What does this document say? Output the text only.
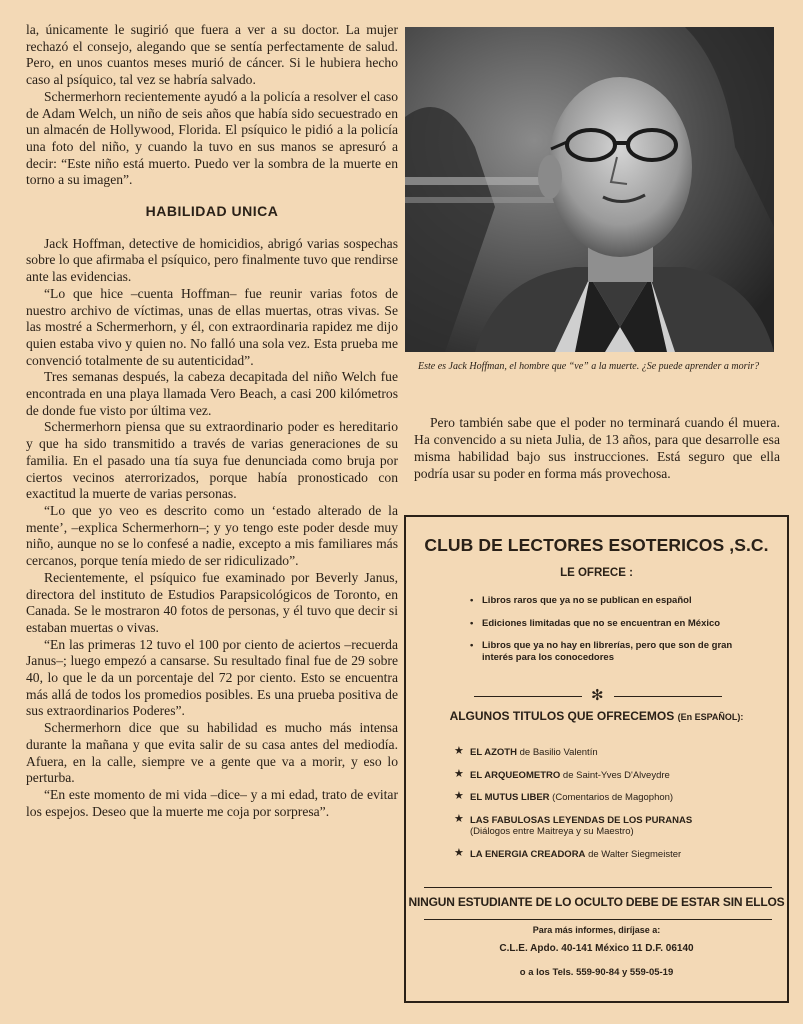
la, únicamente le sugirió que fuera a ver a su doctor. La mujer rechazó el consejo, alegando que se sentía perfectamente de salud. Pero, en unos cuantos meses murió de cáncer. Si le hubiera hecho caso al psíquico, tal vez se habría salvado.

Schermerhorn recientemente ayudó a la policía a resolver el caso de Adam Welch, un niño de seis años que había sido secuestrado en un almacén de Hollywood, Florida. El psíquico le pidió a la policía una foto del niño, y cuando la tuvo en sus manos se apresuró a decir: “Este niño está muerto. Puedo ver la sombra de la muerte en torno a su imagen”.

HABILIDAD UNICA

Jack Hoffman, detective de homicidios, abrigó varias sospechas sobre lo que afirmaba el psíquico, pero finalmente tuvo que rendirse ante las evidencias.

“Lo que hice –cuenta Hoffman– fue reunir varias fotos de nuestro archivo de víctimas, unas de ellas muertas, otras vivas. Se las mostré a Schermerhorn, y él, con extraordinaria rapidez me dijo quien estaba vivo y quien no. No falló una sola vez. Esta prueba me convenció totalmente de su autenticidad”.

Tres semanas después, la cabeza decapitada del niño Welch fue encontrada en una playa llamada Vero Beach, a casi 200 kilómetros de donde fue visto por última vez.

Schermerhorn piensa que su extraordinario poder es hereditario y que ha sido transmitido a través de varias generaciones de su familia. En el pasado una tía suya fue denunciada como bruja por ciertos vecinos aterrorizados, porque había pronosticado con exactitud la muerte de varias personas.

“Lo que yo veo es descrito como un ‘estado alterado de la mente’, –explica Schermerhorn–; y yo tengo este poder desde muy niño, aunque no se lo confesé a nadie, excepto a mis familiares más cercanos, porque tenía miedo de ser ridiculizado”.

Recientemente, el psíquico fue examinado por Beverly Janus, directora del instituto de Estudios Parapsicológicos de Toronto, en Canada. Se le mostraron 40 fotos de personas, y él tuvo que decir si estaban muertas o vivas.

“En las primeras 12 tuvo el 100 por ciento de aciertos –recuerda Janus–; luego empezó a cansarse. Su resultado final fue de 29 sobre 40, lo que le da un porcentaje del 72 por ciento. Esto se encuentra más allá de todos los promedios posibles. Es una prueba positiva de sus extraordinarios Poderes”.

Schermerhorn dice que su habilidad es mucho más intensa durante la mañana y que evita salir de su casa antes del mediodía. Afuera, en la calle, siempre ve a gente que va a morir, y eso lo perturba.

“En este momento de mi vida –dice– y a mi edad, trato de evitar los espejos. Deseo que la muerte me coja por sorpresa”.

Este es Jack Hoffman, el hombre que “ve” a la muerte. ¿Se puede aprender a morir?

Pero también sabe que el poder no terminará cuando él muera. Ha convencido a su nieta Julia, de 13 años, para que desarrolle esa misma habilidad bajo sus instrucciones. Está seguro que ella podría usar su poder en forma más provechosa.

CLUB DE LECTORES ESOTERICOS ,S.C.
LE OFRECE :
• Libros raros que ya no se publican en español
• Ediciones limitadas que no se encuentran en México
• Libros que ya no hay en librerías, pero que son de gran interés para los conocedores
✻
ALGUNOS TITULOS QUE OFRECEMOS (En ESPAÑOL):
★ EL AZOTH de Basilio Valentín
★ EL ARQUEOMETRO de Saint-Yves D'Alveydre
★ EL MUTUS LIBER (Comentarios de Magophon)
★ LAS FABULOSAS LEYENDAS DE LOS PURANAS
(Diálogos entre Maitreya y su Maestro)
★ LA ENERGIA CREADORA de Walter Siegmeister
NINGUN ESTUDIANTE DE LO OCULTO DEBE DE ESTAR SIN ELLOS
Para más informes, diríjase a:
C.L.E. Apdo. 40-141 México 11 D.F. 06140
o a los Tels. 559-90-84 y 559-05-19
